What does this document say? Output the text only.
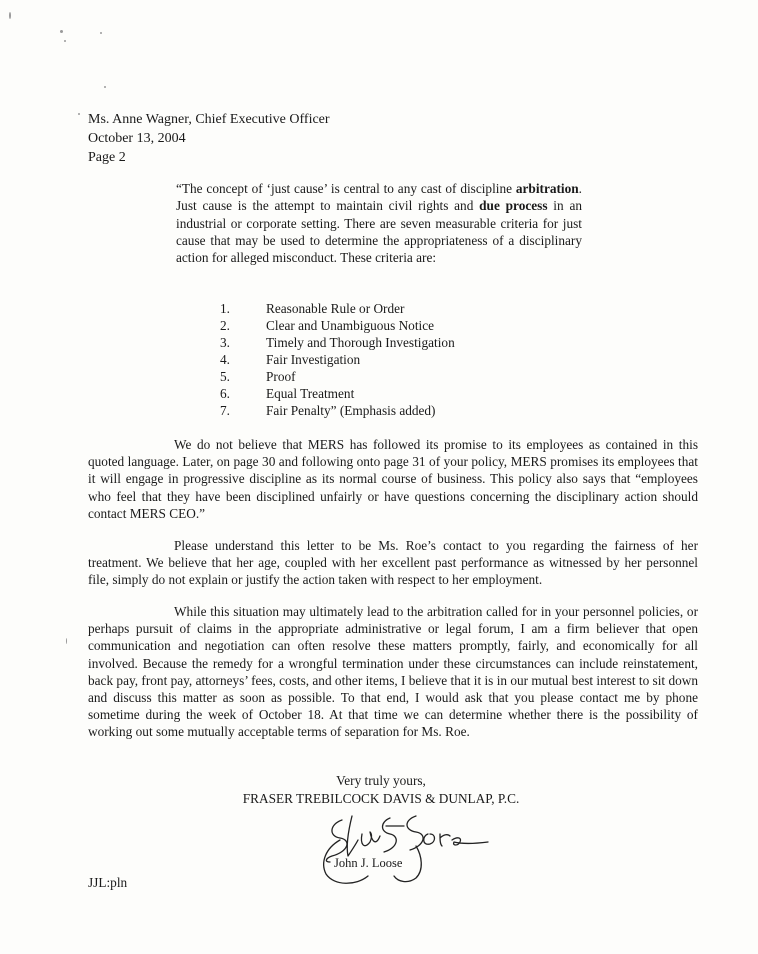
Ms. Anne Wagner, Chief Executive Officer
October 13, 2004
Page 2
“The concept of ‘just cause’ is central to any cast of discipline arbitration. Just cause is the attempt to maintain civil rights and due process in an industrial or corporate setting. There are seven measurable criteria for just cause that may be used to determine the appropriateness of a disciplinary action for alleged misconduct. These criteria are:
1.	Reasonable Rule or Order
2.	Clear and Unambiguous Notice
3.	Timely and Thorough Investigation
4.	Fair Investigation
5.	Proof
6.	Equal Treatment
7.	Fair Penalty” (Emphasis added)

We do not believe that MERS has followed its promise to its employees as contained in this quoted language. Later, on page 30 and following onto page 31 of your policy, MERS promises its employees that it will engage in progressive discipline as its normal course of business. This policy also says that “employees who feel that they have been disciplined unfairly or have questions concerning the disciplinary action should contact MERS CEO.”

Please understand this letter to be Ms. Roe’s contact to you regarding the fairness of her treatment. We believe that her age, coupled with her excellent past performance as witnessed by her personnel file, simply do not explain or justify the action taken with respect to her employment.

While this situation may ultimately lead to the arbitration called for in your personnel policies, or perhaps pursuit of claims in the appropriate administrative or legal forum, I am a firm believer that open communication and negotiation can often resolve these matters promptly, fairly, and economically for all involved. Because the remedy for a wrongful termination under these circumstances can include reinstatement, back pay, front pay, attorneys’ fees, costs, and other items, I believe that it is in our mutual best interest to sit down and discuss this matter as soon as possible. To that end, I would ask that you please contact me by phone sometime during the week of October 18. At that time we can determine whether there is the possibility of working out some mutually acceptable terms of separation for Ms. Roe.

Very truly yours,
FRASER TREBILCOCK DAVIS & DUNLAP, P.C.
John J. Loose
JJL:pln
